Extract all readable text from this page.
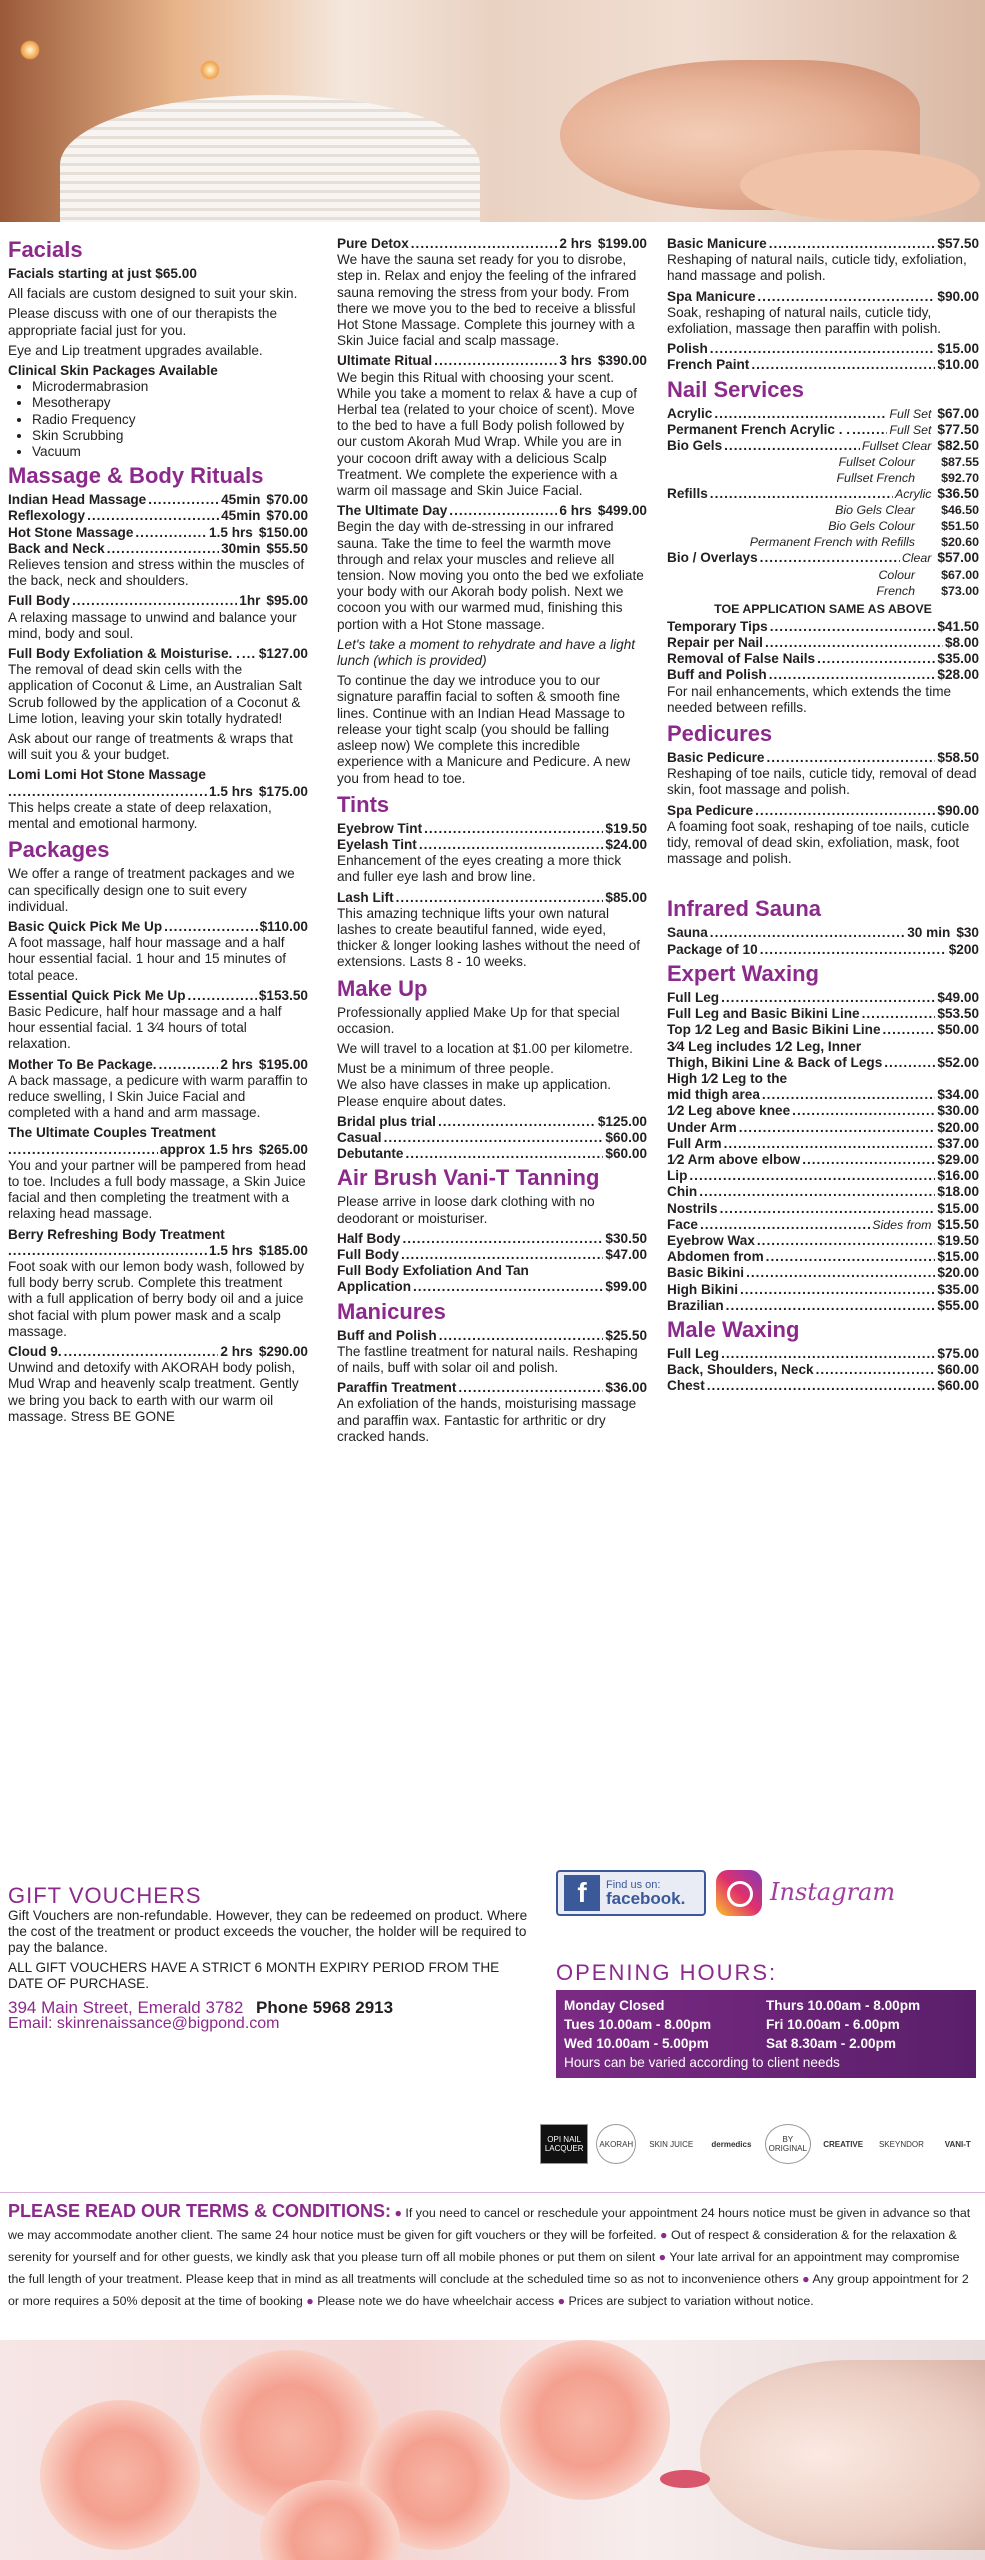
Facials

Facials starting at just $65.00

All facials are custom designed to suit your skin.

Please discuss with one of our therapists the appropriate facial just for you.

Eye and Lip treatment upgrades available.

Clinical Skin Packages Available

• Microdermabrasion
• Mesotherapy
• Radio Frequency
• Skin Scrubbing
• Vacuum
Massage & Body Rituals
Indian Head Massage .....	45min $70.00
Reflexology .....	45min $70.00
Hot Stone Massage .....	1.5 hrs $150.00
Back and Neck .....	30min $55.50

Relieves tension and stress within the muscles of the back, neck and shoulders.

Full Body .....	1hr $95.00

A relaxing massage to unwind and balance your mind, body and soul.

Full Body Exfoliation & Moisturise. . ..... $127.00

The removal of dead skin cells with the application of Coconut & Lime, an Australian Salt Scrub followed by the application of a Coconut & Lime lotion, leaving your skin totally hydrated!

Ask about our range of treatments & wraps that will suit you & your budget.

Lomi Lomi Hot Stone Massage

.....
1.5 hrs $175.00

This helps create a state of deep relaxation, mental and emotional harmony.

Packages

We offer a range of treatment packages and we can specifically design one to suit every individual.

Basic Quick Pick Me Up .....	$110.00

A foot massage, half hour massage and a half hour essential facial. 1 hour and 15 minutes of total peace.

Essential Quick Pick Me Up .....	$153.50

Basic Pedicure, half hour massage and a half hour essential facial. 1 3⁄4 hours of total relaxation.

Mother To Be Package. .....	2 hrs $195.00

A back massage, a pedicure with warm paraffin to reduce swelling, I Skin Juice Facial and completed with a hand and arm massage.

The Ultimate Couples Treatment

.....
approx 1.5 hrs $265.00

You and your partner will be pampered from head to toe. Includes a full body massage, a Skin Juice facial and then completing the treatment with a relaxing head massage.

Berry Refreshing Body Treatment

.....
1.5 hrs $185.00

Foot soak with our lemon body wash, followed by full body berry scrub. Complete this treatment with a full application of berry body oil and a juice shot facial with plum power mask and a scalp massage.

Cloud 9. .....	2 hrs $290.00

Unwind and detoxify with AKORAH body polish, Mud Wrap and heavenly scalp treatment. Gently we bring you back to earth with our warm oil massage. Stress BE GONE

Pure Detox .....	2 hrs $199.00

We have the sauna set ready for you to disrobe, step in. Relax and enjoy the feeling of the infrared sauna removing the stress from your body. From there we move you to the bed to receive a blissful Hot Stone Massage. Complete this journey with a Skin Juice facial and scalp massage.

Ultimate Ritual .....	3 hrs $390.00

We begin this Ritual with choosing your scent. While you take a moment to relax & have a cup of Herbal tea (related to your choice of scent). Move to the bed to have a full Body polish followed by our custom Akorah Mud Wrap. While you are in your cocoon drift away with a delicious Scalp Treatment. We complete the experience with a warm oil massage and Skin Juice Facial.

The Ultimate Day .....	6 hrs $499.00

Begin the day with de-stressing in our infrared sauna. Take the time to feel the warmth move through and relax your muscles and relieve all tension. Now moving you onto the bed we exfoliate your body with our Akorah body polish. Next we cocoon you with our warmed mud, finishing this portion with a Hot Stone massage.

Let's take a moment to rehydrate and have a light lunch (which is provided)

To continue the day we introduce you to our signature paraffin facial to soften & smooth fine lines. Continue with an Indian Head Massage to release your tight scalp (you should be falling asleep now) We complete this incredible experience with a Manicure and Pedicure. A new you from head to toe.

Tints
Eyebrow Tint .....	$19.50
Eyelash Tint .....	$24.00

Enhancement of the eyes creating a more thick and fuller eye lash and brow line.

Lash Lift .....	$85.00

This amazing technique lifts your own natural lashes to create beautiful fanned, wide eyed, thicker & longer looking lashes without the need of extensions. Lasts 8 - 10 weeks.

Make Up

Professionally applied Make Up for that special occasion.

We will travel to a location at $1.00 per kilometre.

Must be a minimum of three people.

We also have classes in make up application. Please enquire about dates.

Bridal plus trial .....	$125.00
Casual .....	$60.00
Debutante .....	$60.00
Air Brush Vani-T Tanning

Please arrive in loose dark clothing with no deodorant or moisturiser.

Half Body .....	$30.50
Full Body .....	$47.00

Full Body Exfoliation And Tan

Application .....	$99.00
Manicures
Buff and Polish .....	$25.50

The fastline treatment for natural nails. Reshaping of nails, buff with solar oil and polish.

Paraffin Treatment .....	$36.00

An exfoliation of the hands, moisturising massage and paraffin wax. Fantastic for arthritic or dry cracked hands.

Basic Manicure .....	$57.50

Reshaping of natural nails, cuticle tidy, exfoliation, hand massage and polish.

Spa Manicure .....	$90.00

Soak, reshaping of natural nails, cuticle tidy, exfoliation, massage then paraffin with polish.

Polish .....	$15.00
French Paint .....	$10.00
Nail Services
Acrylic .....	Full Set $67.00
Permanent French Acrylic . . .....	Full Set $77.50
Bio Gels .....	Fullset Clear $82.50
Fullset Colour	$87.55
Fullset French	$92.70
Refills .....	Acrylic $36.50
Bio Gels Clear	$46.50
Bio Gels Colour	$51.50
Permanent French with Refills	$20.60
Bio / Overlays .....	Clear $57.00
Colour	$67.00
French	$73.00

TOE APPLICATION SAME AS ABOVE

Temporary Tips .....	$41.50
Repair per Nail .....	$8.00
Removal of False Nails .....	$35.00
Buff and Polish .....	$28.00

For nail enhancements, which extends the time needed between refills.

Pedicures
Basic Pedicure .....	$58.50

Reshaping of toe nails, cuticle tidy, removal of dead skin, foot massage and polish.

Spa Pedicure .....	$90.00

A foaming foot soak, reshaping of toe nails, cuticle tidy, removal of dead skin, exfoliation, mask, foot massage and polish.

Infrared Sauna
Sauna .....	30 min $30
Package of 10 .....	$200
Expert Waxing
Full Leg .....	$49.00
Full Leg and Basic Bikini Line .....	$53.50
Top 1⁄2 Leg and Basic Bikini Line .....	$50.00

3⁄4 Leg includes 1⁄2 Leg, Inner

Thigh, Bikini Line & Back of Legs .....	$52.00

High 1⁄2 Leg to the

mid thigh area .....	$34.00
1⁄2 Leg above knee .....	$30.00
Under Arm .....	$20.00
Full Arm .....	$37.00
1⁄2 Arm above elbow .....	$29.00
Lip .....	$16.00
Chin .....	$18.00
Nostrils .....	$15.00
Face .....	Sides from $15.50
Eyebrow Wax .....	$19.50
Abdomen from .....	$15.00
Basic Bikini .....	$20.00
High Bikini .....	$35.00
Brazilian .....	$55.00
Male Waxing
Full Leg .....	$75.00
Back, Shoulders, Neck .....	$60.00
Chest .....	$60.00
GIFT VOUCHERS

Gift Vouchers are non-refundable. However, they can be redeemed on product. Where the cost of the treatment or product exceeds the voucher, the holder will be required to pay the balance.

ALL GIFT VOUCHERS HAVE A STRICT 6 MONTH EXPIRY PERIOD FROM THE DATE OF PURCHASE.

394 Main Street, Emerald 3782 Phone 5968 2913
Email: skinrenaissance@bigpond.com
f	Find us on:
facebook.	Instagram
OPENING HOURS:
Monday Closed	Thurs 10.00am - 8.00pm
Tues 10.00am - 8.00pm	Fri 10.00am - 6.00pm
Wed 10.00am - 5.00pm	Sat 8.30am - 2.00pm
Hours can be varied according to client needs
OPI NAIL LACQUER	AKORAH	SKIN JUICE	dermedics	BY ORIGINAL	CREATIVE	SKEYNDOR	VANI-T
PLEASE READ OUR TERMS & CONDITIONS: ● If you need to cancel or reschedule your appointment 24 hours notice must be given in advance so that we may accommodate another client. The same 24 hour notice must be given for gift vouchers or they will be forfeited. ● Out of respect & consideration & for the relaxation & serenity for yourself and for other guests, we kindly ask that you please turn off all mobile phones or put them on silent ● Your late arrival for an appointment may compromise the full length of your treatment. Please keep that in mind as all treatments will conclude at the scheduled time so as not to inconvenience others ● Any group appointment for 2 or more requires a 50% deposit at the time of booking ● Please note we do have wheelchair access ● Prices are subject to variation without notice.
